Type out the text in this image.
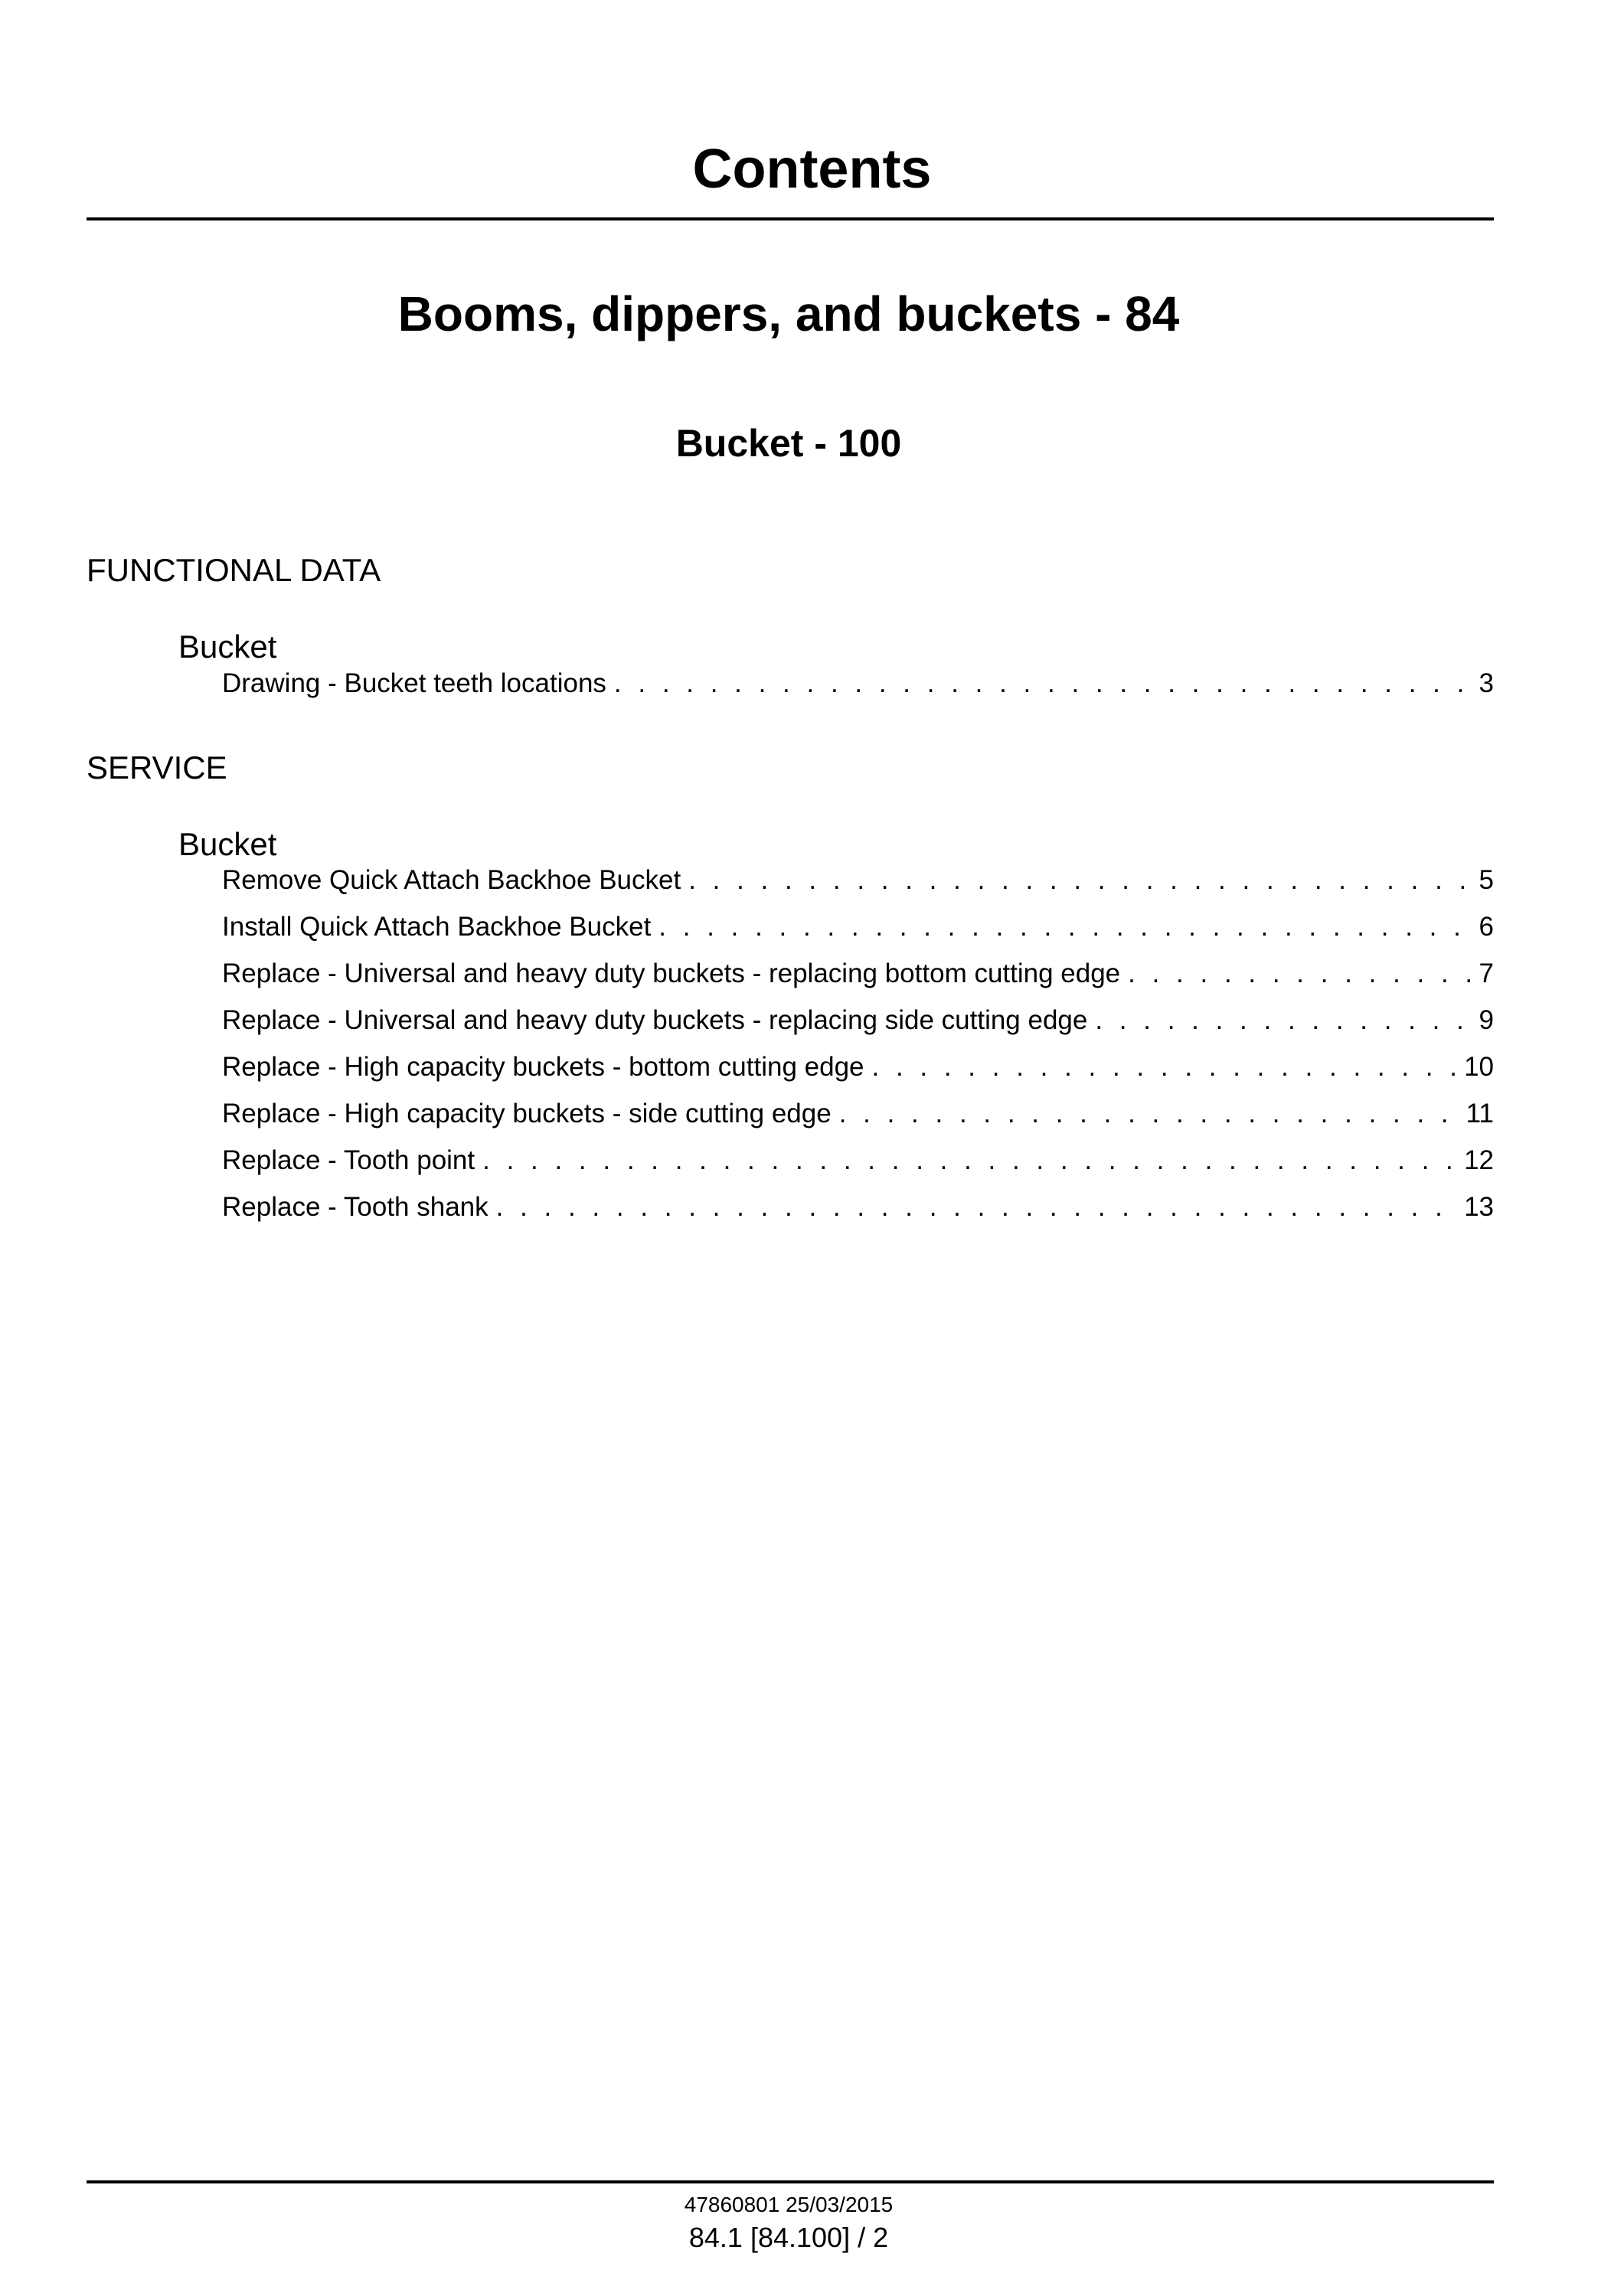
Contents
Booms, dippers, and buckets - 84
Bucket - 100
FUNCTIONAL DATA
Bucket
Drawing - Bucket teeth locations . . .	3
SERVICE
Bucket
Remove Quick Attach Backhoe Bucket . . .	5
Install Quick Attach Backhoe Bucket . . .	6
Replace - Universal and heavy duty buckets - replacing bottom cutting edge . . .	7
Replace - Universal and heavy duty buckets - replacing side cutting edge . . .	9
Replace - High capacity buckets - bottom cutting edge . . .	10
Replace - High capacity buckets - side cutting edge . . .	11
Replace - Tooth point . . .	12
Replace - Tooth shank . . .	13
47860801 25/03/2015
84.1 [84.100] / 2
